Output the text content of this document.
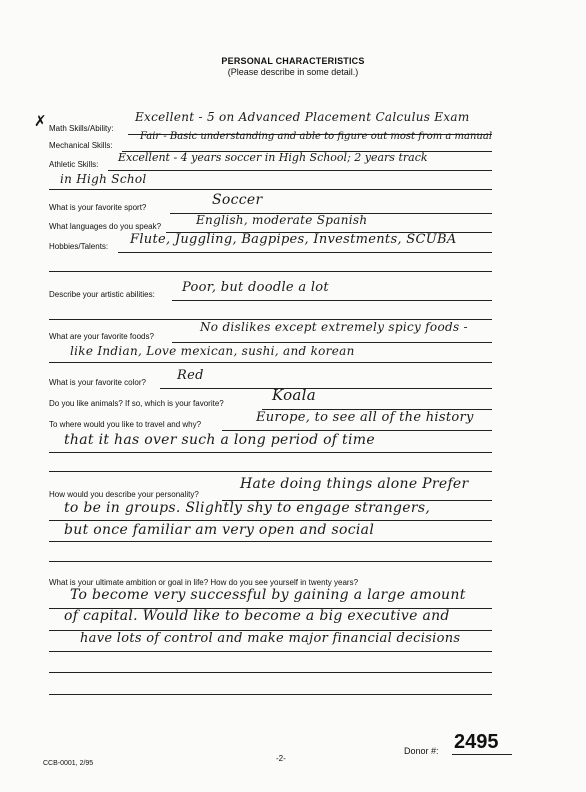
PERSONAL CHARACTERISTICS
(Please describe in some detail.)
✗ Math Skills/Ability:
Excellent - 5 on Advanced Placement Calculus Exam
Mechanical Skills:
Fair - Basic understanding and able to figure out most from a manual
Athletic Skills:
Excellent - 4 years soccer in High School; 2 years track
in High Schol
What is your favorite sport?	Soccer
What languages do you speak?	English, moderate Spanish
Hobbies/Talents: Flute, Juggling, Bagpipes, Investments, SCUBA
Describe your artistic abilities: Poor, but doodle a lot
What are your favorite foods?
No dislikes except extremely spicy foods -
like Indian, Love mexican, sushi, and korean
What is your favorite color? Red
Do you like animals? If so, which is your favorite?	Koala
To where would you like to travel and why?	Europe, to see all of the history
that it has over such a long period of time
How would you describe your personality?
Hate doing things alone Prefer
to be in groups. Slightly shy to engage strangers,
but once familiar am very open and social
What is your ultimate ambition or goal in life? How do you see yourself in twenty years?
To become very successful by gaining a large amount
of capital. Would like to become a big executive and
have lots of control and make major financial decisions
CCB-0001, 2/95
-2-
Donor #: 2495
